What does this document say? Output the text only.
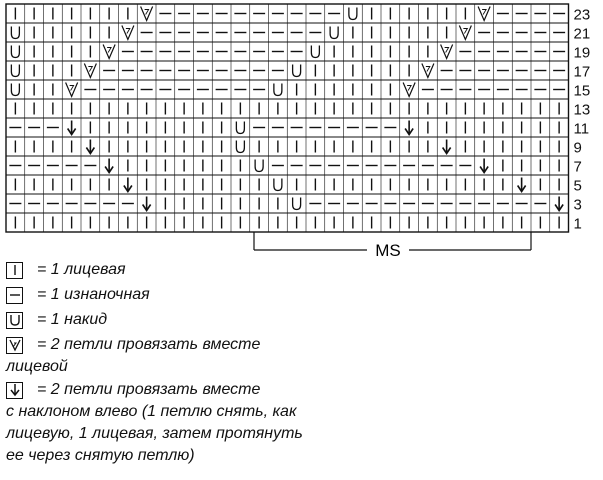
23
21
19
17
15
13
11
9
7
5
3
1
MS
= 1 лицевая
= 1 изнаночная
= 1 накид
= 2 петли провязать вместе
лицевой
= 2 петли провязать вместе
с наклоном влево (1 петлю снять, как
лицевую, 1 лицевая, затем протянуть
ее через снятую петлю)
